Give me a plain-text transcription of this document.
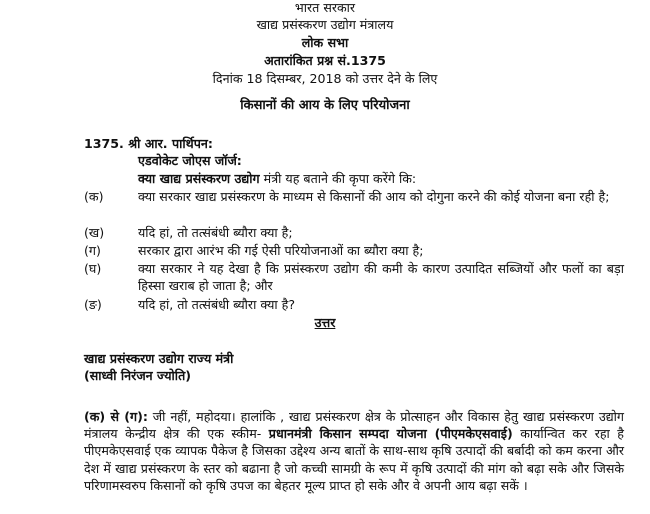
भारत सरकार
खाद्य प्रसंस्करण उद्योग मंत्रालय
लोक सभा
अतारांकित प्रश्न सं.1375
दिनांक 18 दिसम्बर, 2018 को उत्तर देने के लिए
किसानों की आय के लिए परियोजना
1375. श्री आर. पार्थिपन:
एडवोकेट जोएस जॉर्ज:
क्या खाद्य प्रसंस्करण उद्योग मंत्री यह बताने की कृपा करेंगे कि:
(क)	क्या सरकार खाद्य प्रसंस्करण के माध्यम से किसानों की आय को दोगुना करने की कोई योजना बना रही है;
(ख)	यदि हां, तो तत्संबंधी ब्यौरा क्या है;
(ग)	सरकार द्वारा आरंभ की गई ऐसी परियोजनाओं का ब्यौरा क्या है;
(घ)	क्या सरकार ने यह देखा है कि प्रसंस्करण उद्योग की कमी के कारण उत्पादित सब्जियों और फलों का बड़ा हिस्सा खराब हो जाता है; और
(ङ)	यदि हां, तो तत्संबंधी ब्यौरा क्या है?
उत्तर
खाद्य प्रसंस्करण उद्योग राज्य मंत्री
(साध्वी निरंजन ज्योति)
(क) से (ग): जी नहीं, महोदया। हालांकि , खाद्य प्रसंस्करण क्षेत्र के प्रोत्साहन और विकास हेतु खाद्य प्रसंस्करण उद्योग मंत्रालय केन्द्रीय क्षेत्र की एक स्कीम- प्रधानमंत्री किसान सम्पदा योजना (पीएमकेएसवाई) कार्यान्वित कर रहा है पीएमकेएसवाई एक व्यापक पैकेज है जिसका उद्देश्य अन्य बातों के साथ-साथ कृषि उत्पादों की बर्बादी को कम करना और देश में खाद्य प्रसंस्करण के स्तर को बढाना है जो कच्ची सामग्री के रूप में कृषि उत्पादों की मांग को बढ़ा सके और जिसके परिणामस्वरुप किसानों को कृषि उपज का बेहतर मूल्य प्राप्त हो सके और वे अपनी आय बढ़ा सकें ।
